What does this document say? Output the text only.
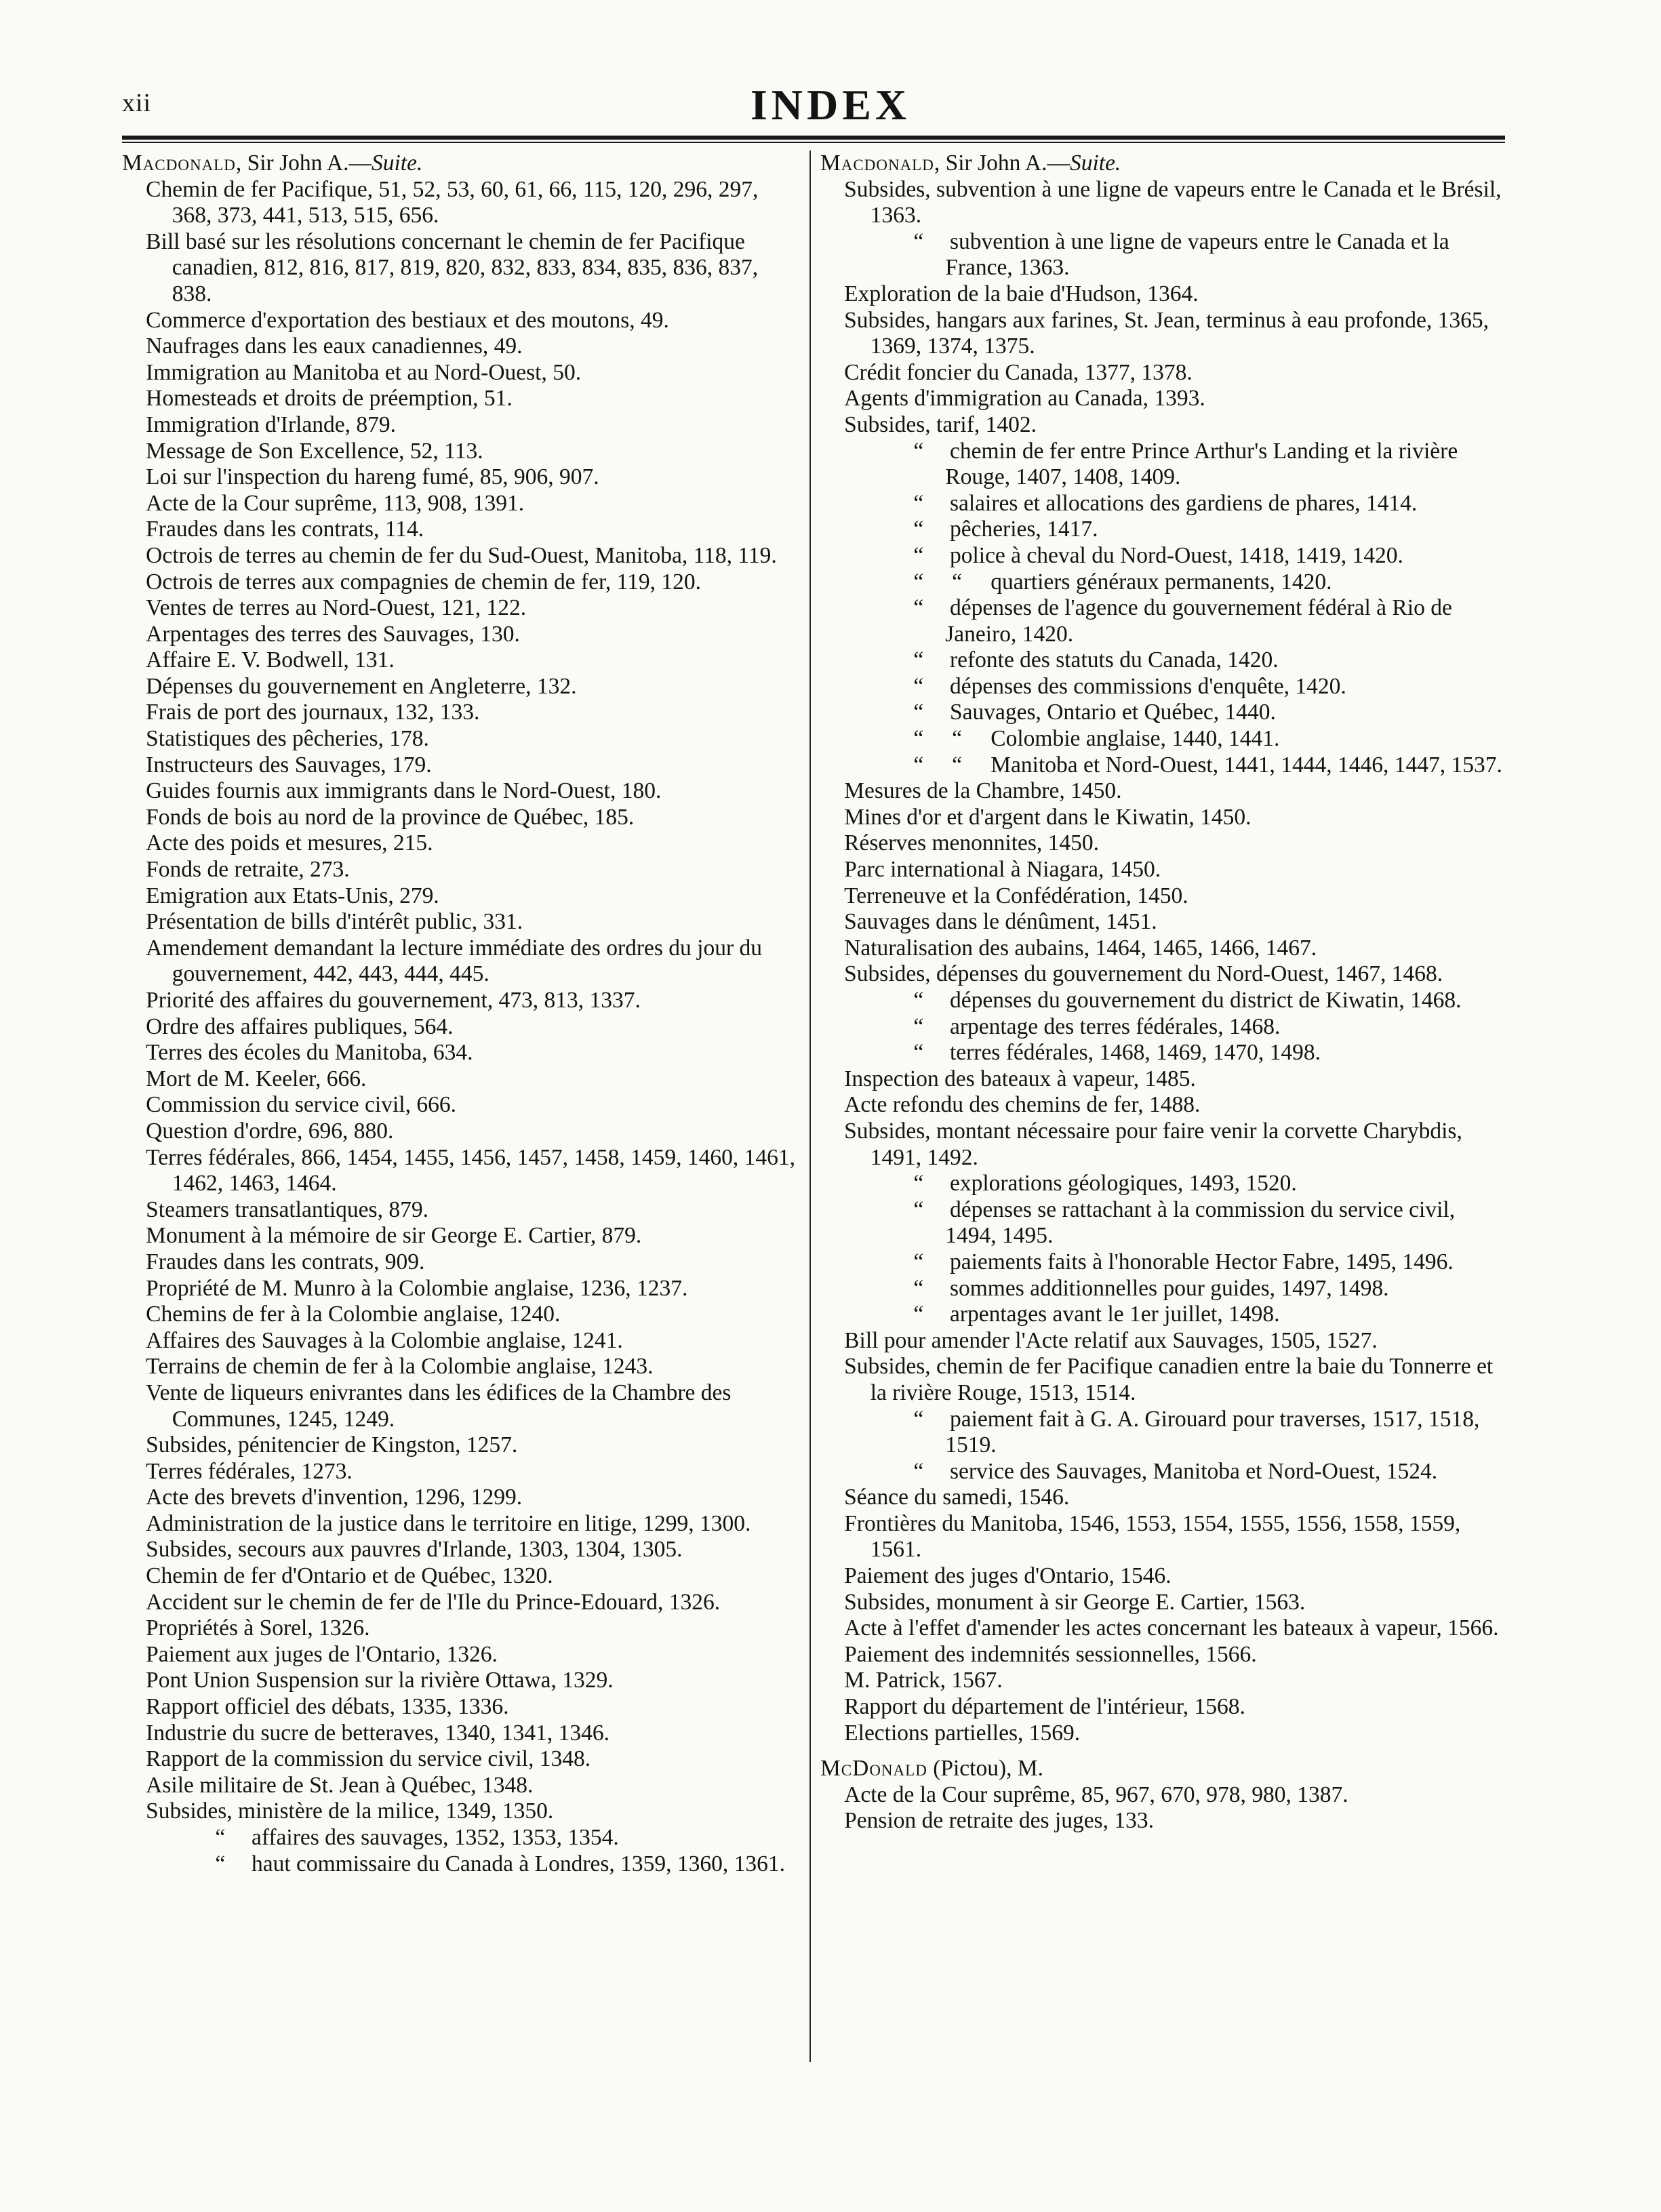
xii	INDEX
Macdonald, Sir John A.—Suite.
Chemin de fer Pacifique, 51, 52, 53, 60, 61, 66, 115, 120, 296, 297, 368, 373, 441, 513, 515, 656.
Bill basé sur les résolutions concernant le chemin de fer Pacifique canadien, 812, 816, 817, 819, 820, 832, 833, 834, 835, 836, 837, 838.
Commerce d'exportation des bestiaux et des moutons, 49.
Naufrages dans les eaux canadiennes, 49.
Immigration au Manitoba et au Nord-Ouest, 50.
Homesteads et droits de préemption, 51.
Immigration d'Irlande, 879.
Message de Son Excellence, 52, 113.
Loi sur l'inspection du hareng fumé, 85, 906, 907.
Acte de la Cour suprême, 113, 908, 1391.
Fraudes dans les contrats, 114.
Octrois de terres au chemin de fer du Sud-Ouest, Manitoba, 118, 119.
Octrois de terres aux compagnies de chemin de fer, 119, 120.
Ventes de terres au Nord-Ouest, 121, 122.
Arpentages des terres des Sauvages, 130.
Affaire E. V. Bodwell, 131.
Dépenses du gouvernement en Angleterre, 132.
Frais de port des journaux, 132, 133.
Statistiques des pêcheries, 178.
Instructeurs des Sauvages, 179.
Guides fournis aux immigrants dans le Nord-Ouest, 180.
Fonds de bois au nord de la province de Québec, 185.
Acte des poids et mesures, 215.
Fonds de retraite, 273.
Emigration aux Etats-Unis, 279.
Présentation de bills d'intérêt public, 331.
Amendement demandant la lecture immédiate des ordres du jour du gouvernement, 442, 443, 444, 445.
Priorité des affaires du gouvernement, 473, 813, 1337.
Ordre des affaires publiques, 564.
Terres des écoles du Manitoba, 634.
Mort de M. Keeler, 666.
Commission du service civil, 666.
Question d'ordre, 696, 880.
Terres fédérales, 866, 1454, 1455, 1456, 1457, 1458, 1459, 1460, 1461, 1462, 1463, 1464.
Steamers transatlantiques, 879.
Monument à la mémoire de sir George E. Cartier, 879.
Fraudes dans les contrats, 909.
Propriété de M. Munro à la Colombie anglaise, 1236, 1237.
Chemins de fer à la Colombie anglaise, 1240.
Affaires des Sauvages à la Colombie anglaise, 1241.
Terrains de chemin de fer à la Colombie anglaise, 1243.
Vente de liqueurs enivrantes dans les édifices de la Chambre des Communes, 1245, 1249.
Subsides, pénitencier de Kingston, 1257.
Terres fédérales, 1273.
Acte des brevets d'invention, 1296, 1299.
Administration de la justice dans le territoire en litige, 1299, 1300.
Subsides, secours aux pauvres d'Irlande, 1303, 1304, 1305.
Chemin de fer d'Ontario et de Québec, 1320.
Accident sur le chemin de fer de l'Ile du Prince-Edouard, 1326.
Propriétés à Sorel, 1326.
Paiement aux juges de l'Ontario, 1326.
Pont Union Suspension sur la rivière Ottawa, 1329.
Rapport officiel des débats, 1335, 1336.
Industrie du sucre de betteraves, 1340, 1341, 1346.
Rapport de la commission du service civil, 1348.
Asile militaire de St. Jean à Québec, 1348.
Subsides, ministère de la milice, 1349, 1350.
“ affaires des sauvages, 1352, 1353, 1354.
“ haut commissaire du Canada à Londres, 1359, 1360, 1361.
Macdonald, Sir John A.—Suite.
Subsides, subvention à une ligne de vapeurs entre le Canada et le Brésil, 1363.
“ subvention à une ligne de vapeurs entre le Canada et la France, 1363.
Exploration de la baie d'Hudson, 1364.
Subsides, hangars aux farines, St. Jean, terminus à eau profonde, 1365, 1369, 1374, 1375.
Crédit foncier du Canada, 1377, 1378.
Agents d'immigration au Canada, 1393.
Subsides, tarif, 1402.
“ chemin de fer entre Prince Arthur's Landing et la rivière Rouge, 1407, 1408, 1409.
“ salaires et allocations des gardiens de phares, 1414.
“ pêcheries, 1417.
“ police à cheval du Nord-Ouest, 1418, 1419, 1420.
“     “ quartiers généraux permanents, 1420.
“ dépenses de l'agence du gouvernement fédéral à Rio de Janeiro, 1420.
“ refonte des statuts du Canada, 1420.
“ dépenses des commissions d'enquête, 1420.
“ Sauvages, Ontario et Québec, 1440.
“     “ Colombie anglaise, 1440, 1441.
“     “ Manitoba et Nord-Ouest, 1441, 1444, 1446, 1447, 1537.
Mesures de la Chambre, 1450.
Mines d'or et d'argent dans le Kiwatin, 1450.
Réserves menonnites, 1450.
Parc international à Niagara, 1450.
Terreneuve et la Confédération, 1450.
Sauvages dans le dénûment, 1451.
Naturalisation des aubains, 1464, 1465, 1466, 1467.
Subsides, dépenses du gouvernement du Nord-Ouest, 1467, 1468.
“ dépenses du gouvernement du district de Kiwatin, 1468.
“ arpentage des terres fédérales, 1468.
“ terres fédérales, 1468, 1469, 1470, 1498.
Inspection des bateaux à vapeur, 1485.
Acte refondu des chemins de fer, 1488.
Subsides, montant nécessaire pour faire venir la corvette Charybdis, 1491, 1492.
“ explorations géologiques, 1493, 1520.
“ dépenses se rattachant à la commission du service civil, 1494, 1495.
“ paiements faits à l'honorable Hector Fabre, 1495, 1496.
“ sommes additionnelles pour guides, 1497, 1498.
“ arpentages avant le 1er juillet, 1498.
Bill pour amender l'Acte relatif aux Sauvages, 1505, 1527.
Subsides, chemin de fer Pacifique canadien entre la baie du Tonnerre et la rivière Rouge, 1513, 1514.
“ paiement fait à G. A. Girouard pour traverses, 1517, 1518, 1519.
“ service des Sauvages, Manitoba et Nord-Ouest, 1524.
Séance du samedi, 1546.
Frontières du Manitoba, 1546, 1553, 1554, 1555, 1556, 1558, 1559, 1561.
Paiement des juges d'Ontario, 1546.
Subsides, monument à sir George E. Cartier, 1563.
Acte à l'effet d'amender les actes concernant les bateaux à vapeur, 1566.
Paiement des indemnités sessionnelles, 1566.
M. Patrick, 1567.
Rapport du département de l'intérieur, 1568.
Elections partielles, 1569.
McDonald (Pictou), M.
Acte de la Cour suprême, 85, 967, 670, 978, 980, 1387.
Pension de retraite des juges, 133.
